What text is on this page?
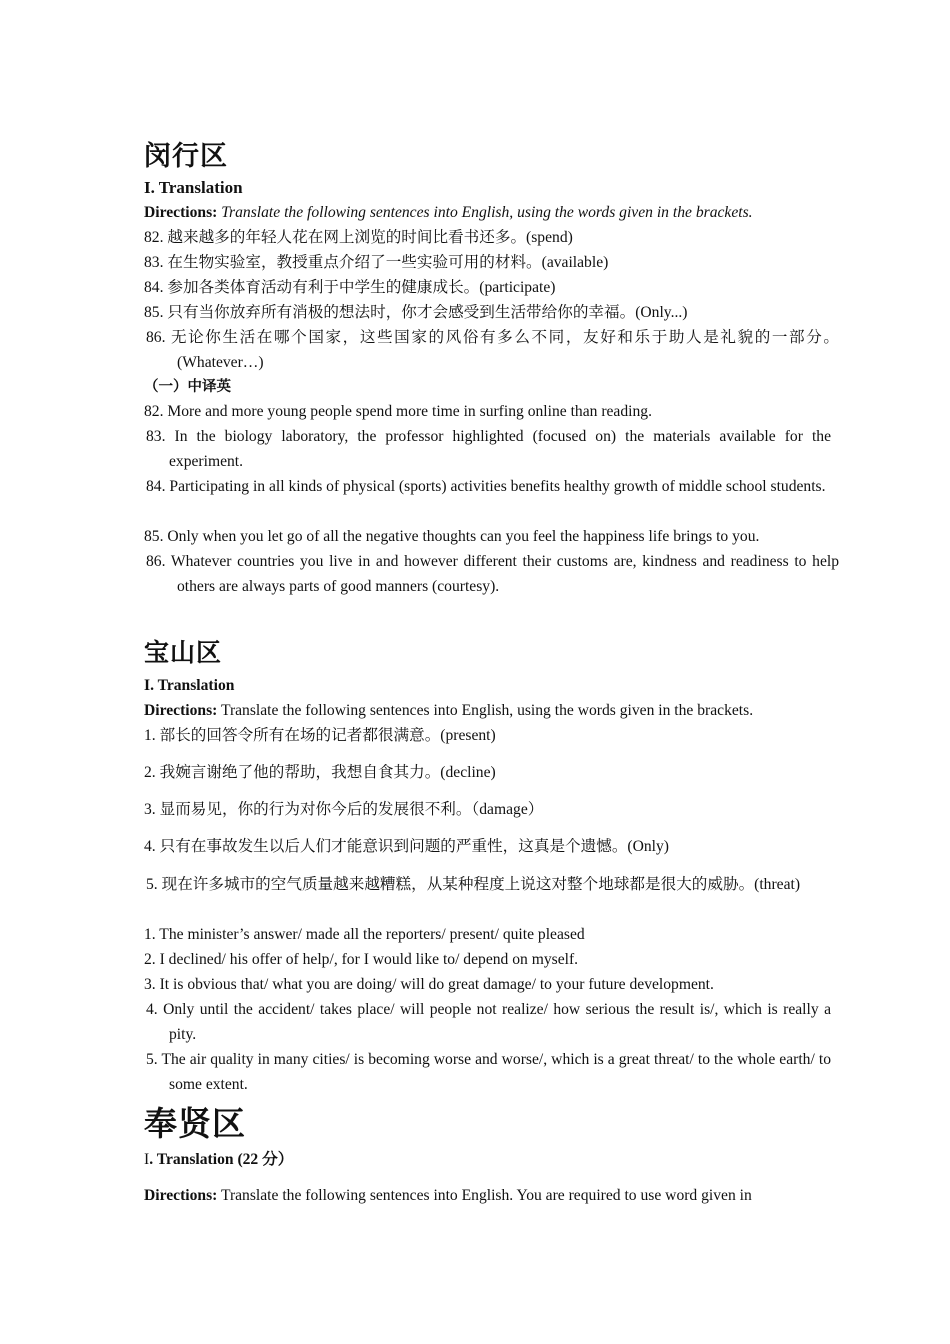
闵行区
I. Translation
Directions: Translate the following sentences into English, using the words given in the brackets.
82. 越来越多的年轻人花在网上浏览的时间比看书还多。(spend)
83. 在生物实验室，教授重点介绍了一些实验可用的材料。(available)
84. 参加各类体育活动有利于中学生的健康成长。(participate)
85. 只有当你放弃所有消极的想法时，你才会感受到生活带给你的幸福。(Only...)
86. 无论你生活在哪个国家，这些国家的风俗有多么不同，友好和乐于助人是礼貌的一部分。(Whatever…)
（一）中译英
82. More and more young people spend more time in surfing online than reading.
83. In the biology laboratory, the professor highlighted (focused on) the materials available for the experiment.
84. Participating in all kinds of physical (sports) activities benefits healthy growth of middle school students.
85. Only when you let go of all the negative thoughts can you feel the happiness life brings to you.
86. Whatever countries you live in and however different their customs are, kindness and readiness to help others are always parts of good manners (courtesy).
宝山区
I. Translation
Directions: Translate the following sentences into English, using the words given in the brackets.
1. 部长的回答令所有在场的记者都很满意。(present)
2. 我婉言谢绝了他的帮助，我想自食其力。(decline)
3. 显而易见，你的行为对你今后的发展很不利。（damage）
4. 只有在事故发生以后人们才能意识到问题的严重性，这真是个遗憾。(Only)
5. 现在许多城市的空气质量越来越糟糕，从某种程度上说这对整个地球都是很大的威胁。(threat)
1. The minister’s answer/ made all the reporters/ present/ quite pleased
2. I declined/ his offer of help/, for I would like to/ depend on myself.
3. It is obvious that/ what you are doing/ will do great damage/ to your future development.
4. Only until the accident/ takes place/ will people not realize/ how serious the result is/, which is really a pity.
5. The air quality in many cities/ is becoming worse and worse/, which is a great threat/ to the whole earth/ to some extent.
奉贤区
I. Translation (22 分）
Directions: Translate the following sentences into English. You are required to use word given in
